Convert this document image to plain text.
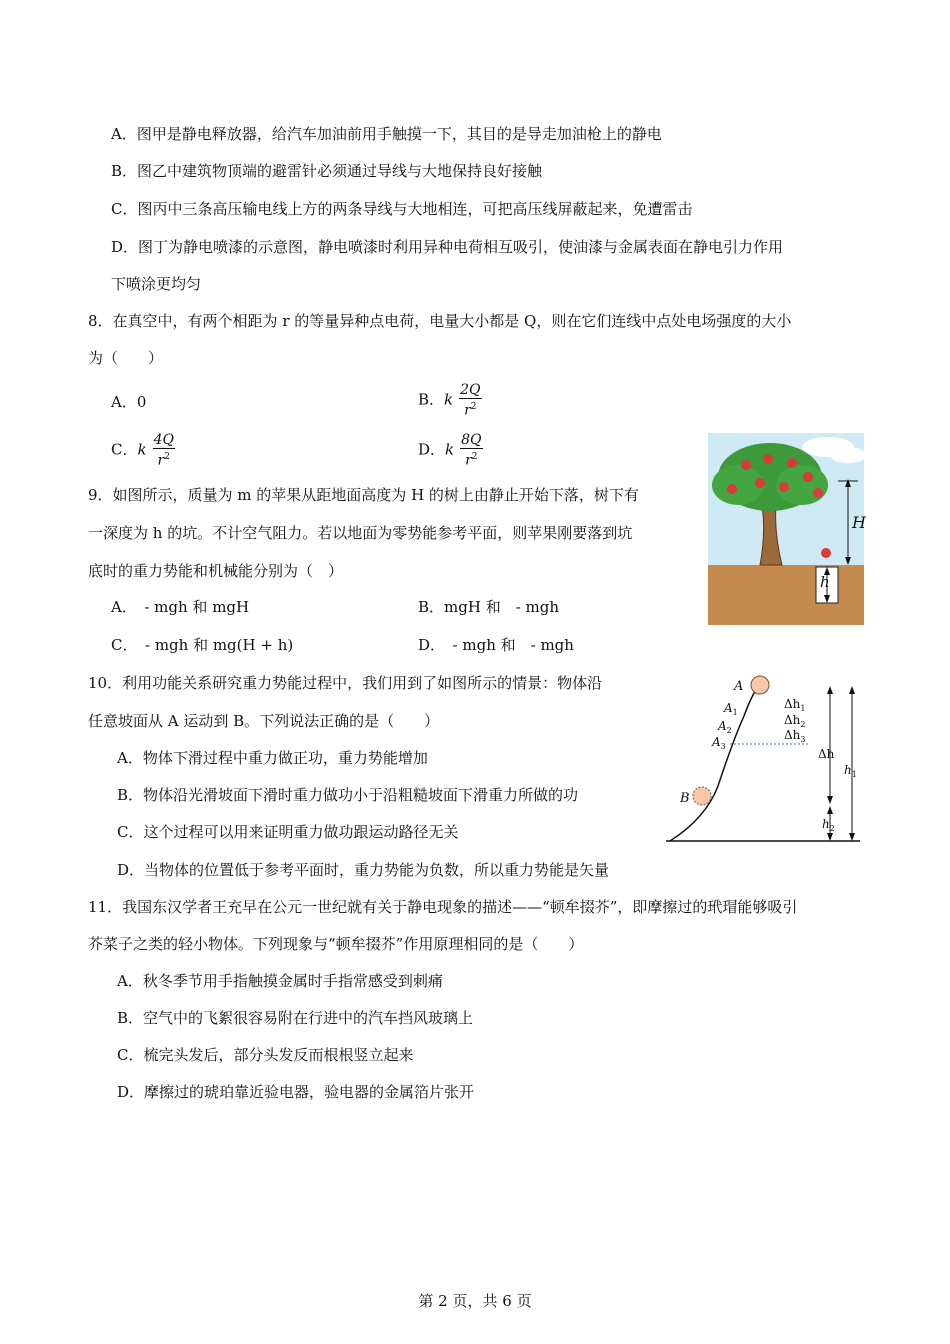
A．图甲是静电释放器，给汽车加油前用手触摸一下，其目的是导走加油枪上的静电
B．图乙中建筑物顶端的避雷针必须通过导线与大地保持良好接触
C．图丙中三条高压输电线上方的两条导线与大地相连，可把高压线屏蔽起来，免遭雷击
D．图丁为静电喷漆的示意图，静电喷漆时利用异种电荷相互吸引，使油漆与金属表面在静电引力作用
下喷涂更均匀
8．在真空中，有两个相距为 r 的等量异种点电荷，电量大小都是 Q，则在它们连线中点处电场强度的大小
为（　　）
A．0	B．k $\frac{2Q}{r^2}$
C．k $\frac{4Q}{r^2}$	D．k $\frac{8Q}{r^2}$
9．如图所示，质量为 m 的苹果从距地面高度为 H 的树上由静止开始下落，树下有
一深度为 h 的坑。不计空气阻力。若以地面为零势能参考平面，则苹果刚要落到坑
底时的重力势能和机械能分别为（　）
A．　- mgh 和 mgH	B．mgH 和　- mgh
C．　- mgh 和 mg(H + h)	D．　- mgh 和　- mgh
H
h
10．利用功能关系研究重力势能过程中，我们用到了如图所示的情景：物体沿
任意坡面从 A 运动到 B。下列说法正确的是（　　）
A．物体下滑过程中重力做正功，重力势能增加
B．物体沿光滑坡面下滑时重力做功小于沿粗糙坡面下滑重力所做的功
C．这个过程可以用来证明重力做功跟运动路径无关
D．当物体的位置低于参考平面时，重力势能为负数，所以重力势能是矢量
A
$A_1$
$A_2$
$A_3$
B
$\Delta h_1$
$\Delta h_2$
$\Delta h_3$
Δh
$h_2$
$h_1$
11．我国东汉学者王充早在公元一世纪就有关于静电现象的描述——“顿牟掇芥”，即摩擦过的玳瑁能够吸引
芥菜子之类的轻小物体。下列现象与“顿牟掇芥”作用原理相同的是（　　）
A．秋冬季节用手指触摸金属时手指常感受到刺痛
B．空气中的飞絮很容易附在行进中的汽车挡风玻璃上
C．梳完头发后，部分头发反而根根竖立起来
D．摩擦过的琥珀靠近验电器，验电器的金属箔片张开
第 2 页，共 6 页
